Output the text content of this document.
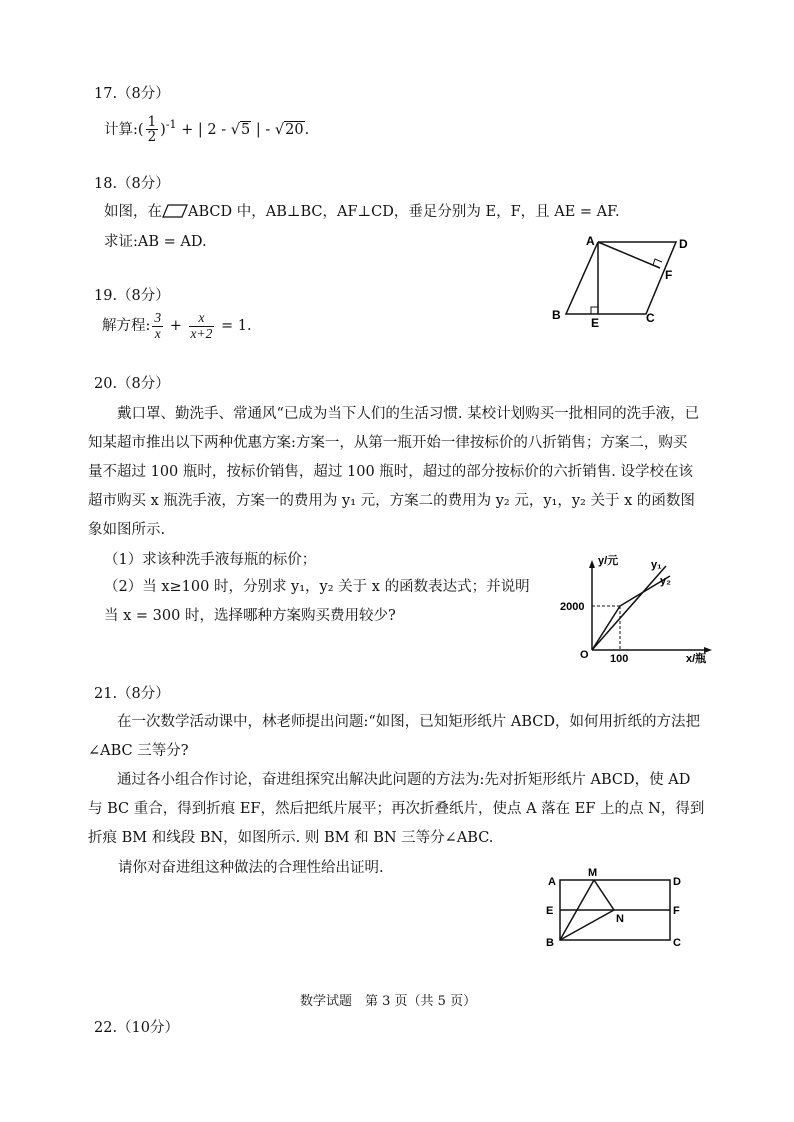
17.（8分）
计算:( $\frac{1}{2} )^{-1}$ + | 2 - √5 | - √20.
18.（8分）
如图，在 ABCD 中，AB⊥BC，AF⊥CD，垂足分别为 E，F，且 AE = AF.
求证:AB = AD.	A	D
F
B
E	C
19.（8分）
解方程: $\frac{3}{x} + \frac{x}{x+2} = 1$.
20.（8分）
戴口罩、勤洗手、常通风“已成为当下人们的生活习惯. 某校计划购买一批相同的洗手液，已知某超市推出以下两种优惠方案:方案一，从第一瓶开始一律按标价的八折销售；方案二，购买量不超过 100 瓶时，按标价销售，超过 100 瓶时，超过的部分按标价的六折销售. 设学校在该超市购买 x 瓶洗手液，方案一的费用为 y₁ 元，方案二的费用为 y₂ 元，y₁，y₂ 关于 x 的函数图象如图所示.
（1）求该种洗手液每瓶的标价；
（2）当 x≥100 时，分别求 y₁，y₂ 关于 x 的函数表达式；并说明当 x = 300 时，选择哪种方案购买费用较少?
y/元	y₁
y₂
2000
O 100	x/瓶
21.（8分）
在一次数学活动课中，林老师提出问题:“如图，已知矩形纸片 ABCD，如何用折纸的方法把∠ABC 三等分?
通过各小组合作讨论，奋进组探究出解决此问题的方法为:先对折矩形纸片 ABCD，使 AD 与 BC 重合，得到折痕 EF，然后把纸片展平；再次折叠纸片，使点 A 落在 EF 上的点 N，得到折痕 BM 和线段 BN，如图所示. 则 BM 和 BN 三等分∠ABC.
请你对奋进组这种做法的合理性给出证明.
A
M
D
E
N
F
B	C
数学试题　第 3 页（共 5 页）
22.（10分）
